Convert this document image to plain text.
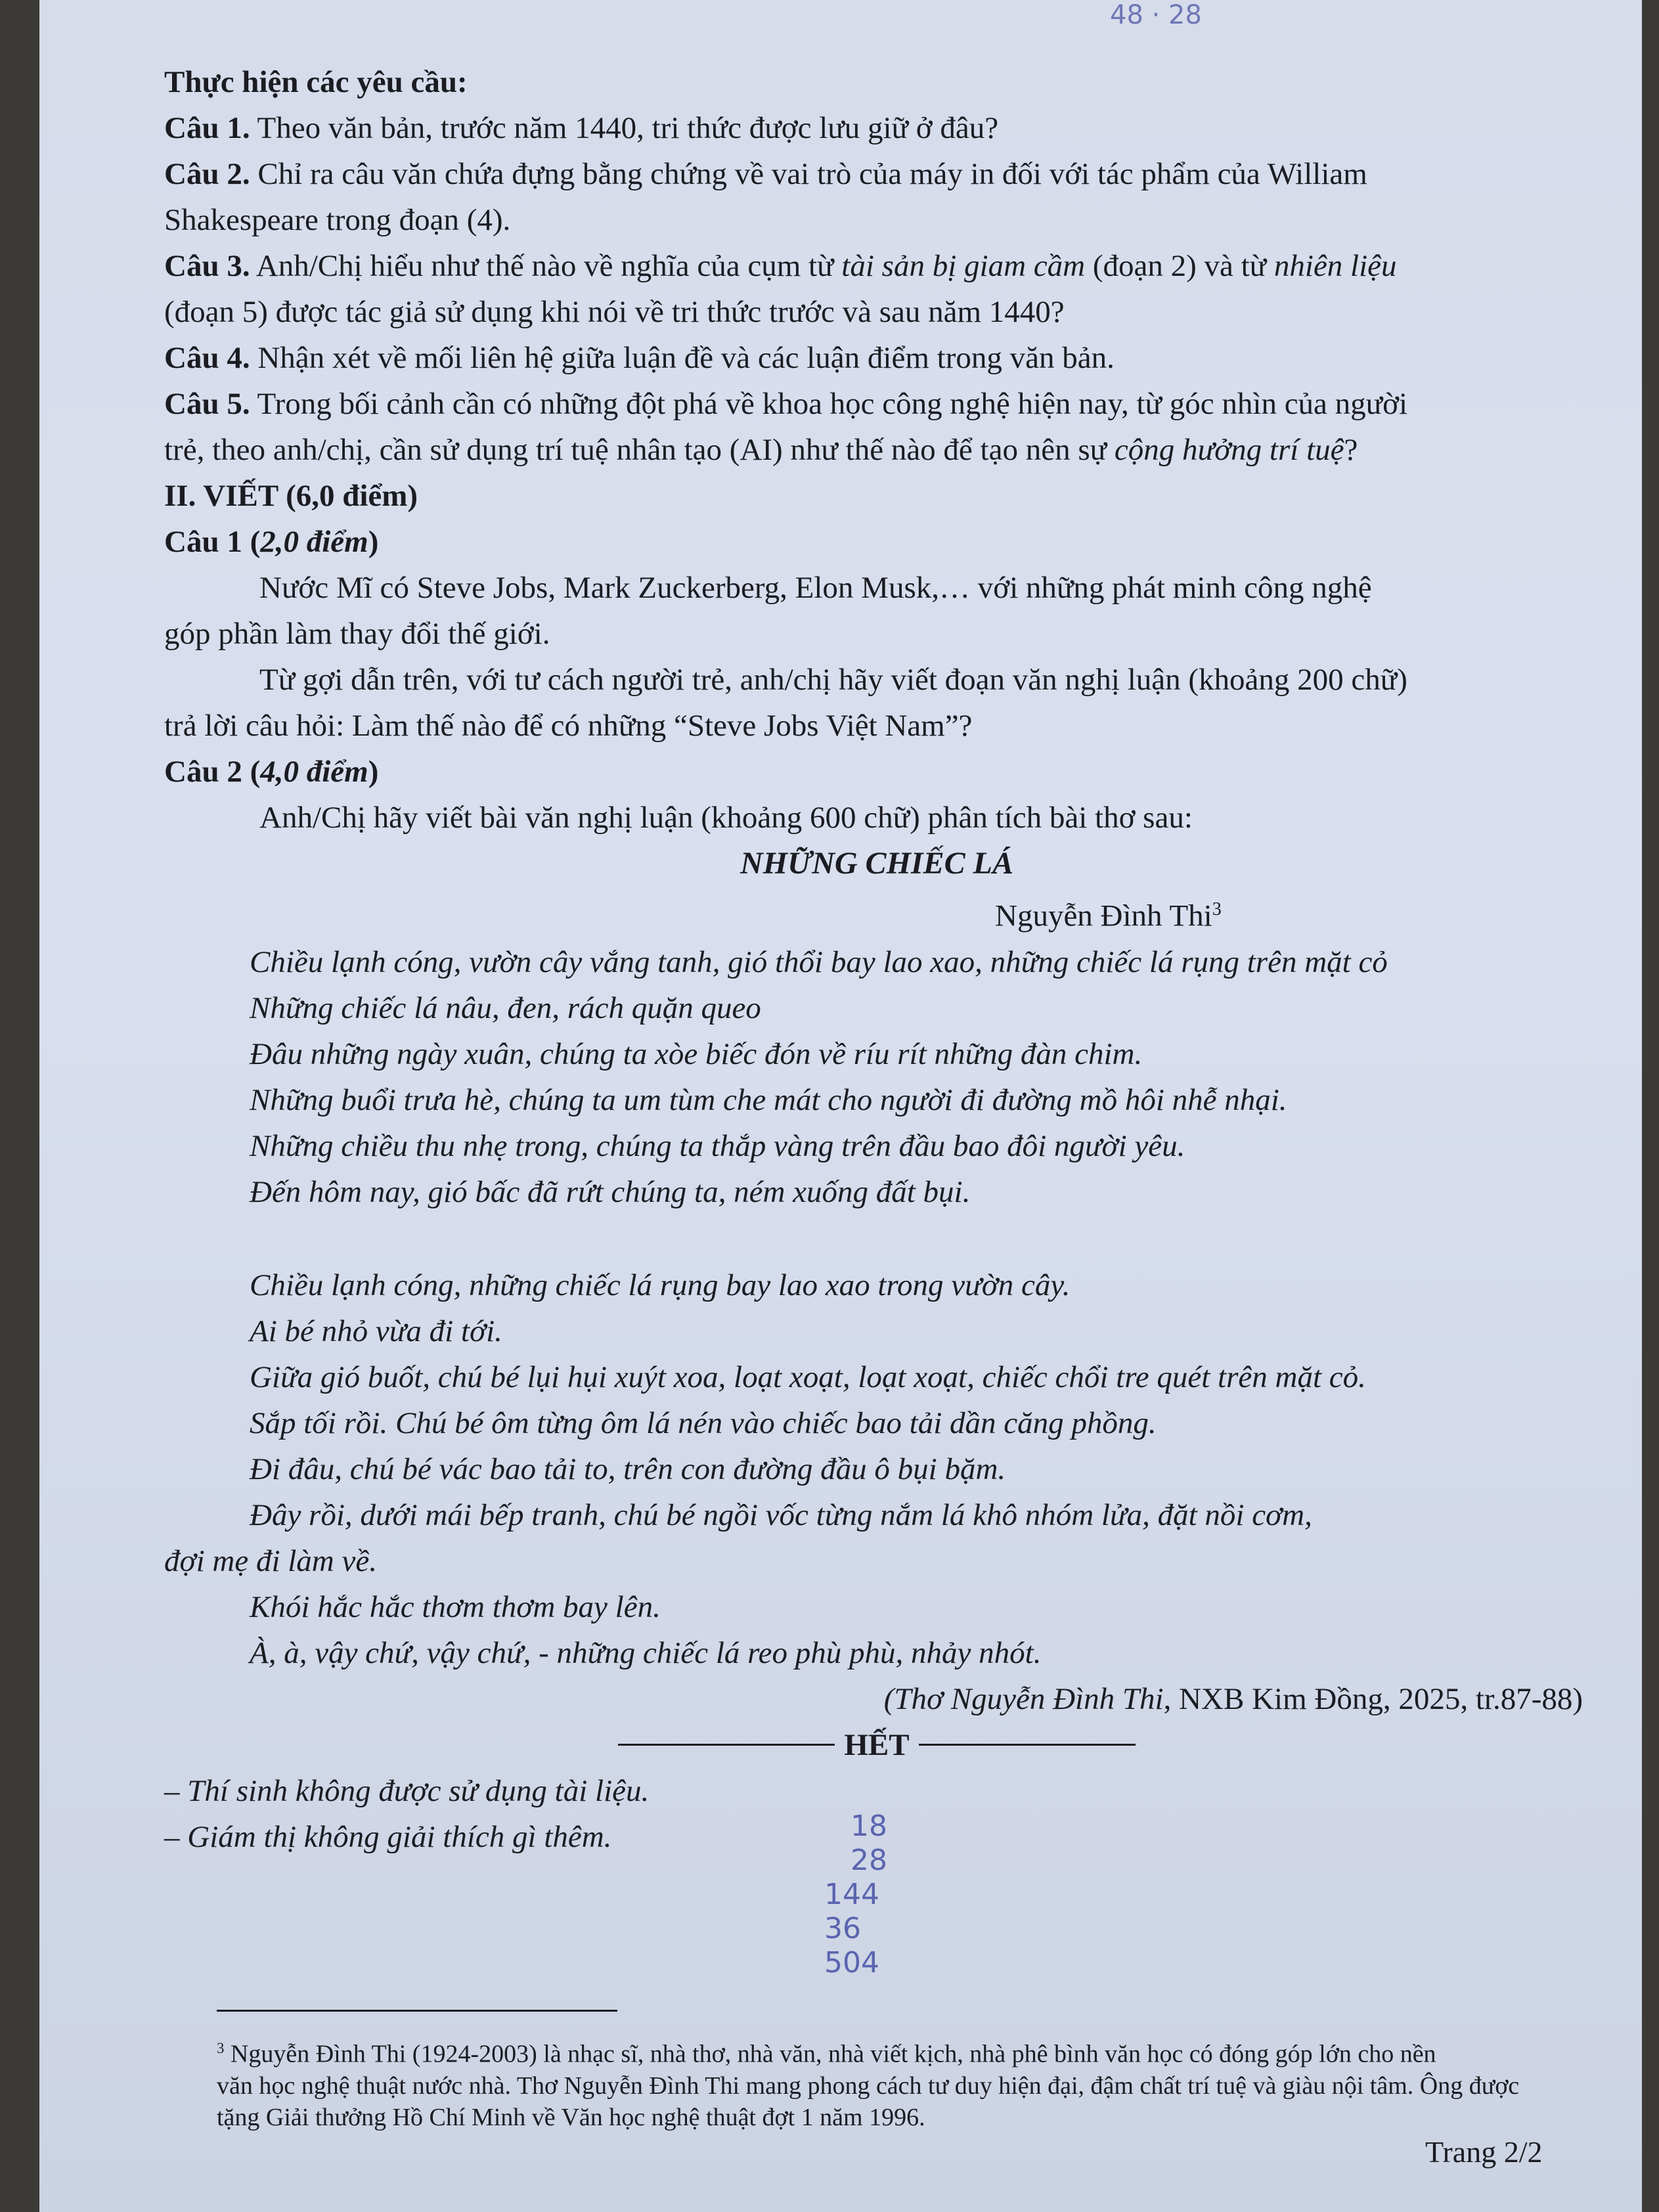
48 · 28
Thực hiện các yêu cầu:
Câu 1. Theo văn bản, trước năm 1440, tri thức được lưu giữ ở đâu?
Câu 2. Chỉ ra câu văn chứa đựng bằng chứng về vai trò của máy in đối với tác phẩm của William
Shakespeare trong đoạn (4).
Câu 3. Anh/Chị hiểu như thế nào về nghĩa của cụm từ tài sản bị giam cầm (đoạn 2) và từ nhiên liệu
(đoạn 5) được tác giả sử dụng khi nói về tri thức trước và sau năm 1440?
Câu 4. Nhận xét về mối liên hệ giữa luận đề và các luận điểm trong văn bản.
Câu 5. Trong bối cảnh cần có những đột phá về khoa học công nghệ hiện nay, từ góc nhìn của người
trẻ, theo anh/chị, cần sử dụng trí tuệ nhân tạo (AI) như thế nào để tạo nên sự cộng hưởng trí tuệ?
II. VIẾT (6,0 điểm)
Câu 1 (2,0 điểm)
Nước Mĩ có Steve Jobs, Mark Zuckerberg, Elon Musk,… với những phát minh công nghệ
góp phần làm thay đổi thế giới.
Từ gợi dẫn trên, với tư cách người trẻ, anh/chị hãy viết đoạn văn nghị luận (khoảng 200 chữ)
trả lời câu hỏi: Làm thế nào để có những “Steve Jobs Việt Nam”?
Câu 2 (4,0 điểm)
Anh/Chị hãy viết bài văn nghị luận (khoảng 600 chữ) phân tích bài thơ sau:
NHỮNG CHIẾC LÁ
Nguyễn Đình Thi$^3$
Chiều lạnh cóng, vườn cây vắng tanh, gió thổi bay lao xao, những chiếc lá rụng trên mặt cỏ
Những chiếc lá nâu, đen, rách quặn queo
Đâu những ngày xuân, chúng ta xòe biếc đón về ríu rít những đàn chim.
Những buổi trưa hè, chúng ta um tùm che mát cho người đi đường mồ hôi nhễ nhại.
Những chiều thu nhẹ trong, chúng ta thắp vàng trên đầu bao đôi người yêu.
Đến hôm nay, gió bấc đã rứt chúng ta, ném xuống đất bụi.
Chiều lạnh cóng, những chiếc lá rụng bay lao xao trong vườn cây.
Ai bé nhỏ vừa đi tới.
Giữa gió buốt, chú bé lụi hụi xuýt xoa, loạt xoạt, loạt xoạt, chiếc chổi tre quét trên mặt cỏ.
Sắp tối rồi. Chú bé ôm từng ôm lá nén vào chiếc bao tải dần căng phồng.
Đi đâu, chú bé vác bao tải to, trên con đường đầu ô bụi bặm.
Đây rồi, dưới mái bếp tranh, chú bé ngồi vốc từng nắm lá khô nhóm lửa, đặt nồi cơm,
đợi mẹ đi làm về.
Khói hắc hắc thơm thơm bay lên.
À, à, vậy chứ, vậy chứ, - những chiếc lá reo phù phù, nhảy nhót.
(Thơ Nguyễn Đình Thi, NXB Kim Đồng, 2025, tr.87-88)
HẾT
– Thí sinh không được sử dụng tài liệu.
– Giám thị không giải thích gì thêm.	18
28
144
36
504
$^3$ Nguyễn Đình Thi (1924-2003) là nhạc sĩ, nhà thơ, nhà văn, nhà viết kịch, nhà phê bình văn học có đóng góp lớn cho nền
văn học nghệ thuật nước nhà. Thơ Nguyễn Đình Thi mang phong cách tư duy hiện đại, đậm chất trí tuệ và giàu nội tâm. Ông được
tặng Giải thưởng Hồ Chí Minh về Văn học nghệ thuật đợt 1 năm 1996.
Trang 2/2
